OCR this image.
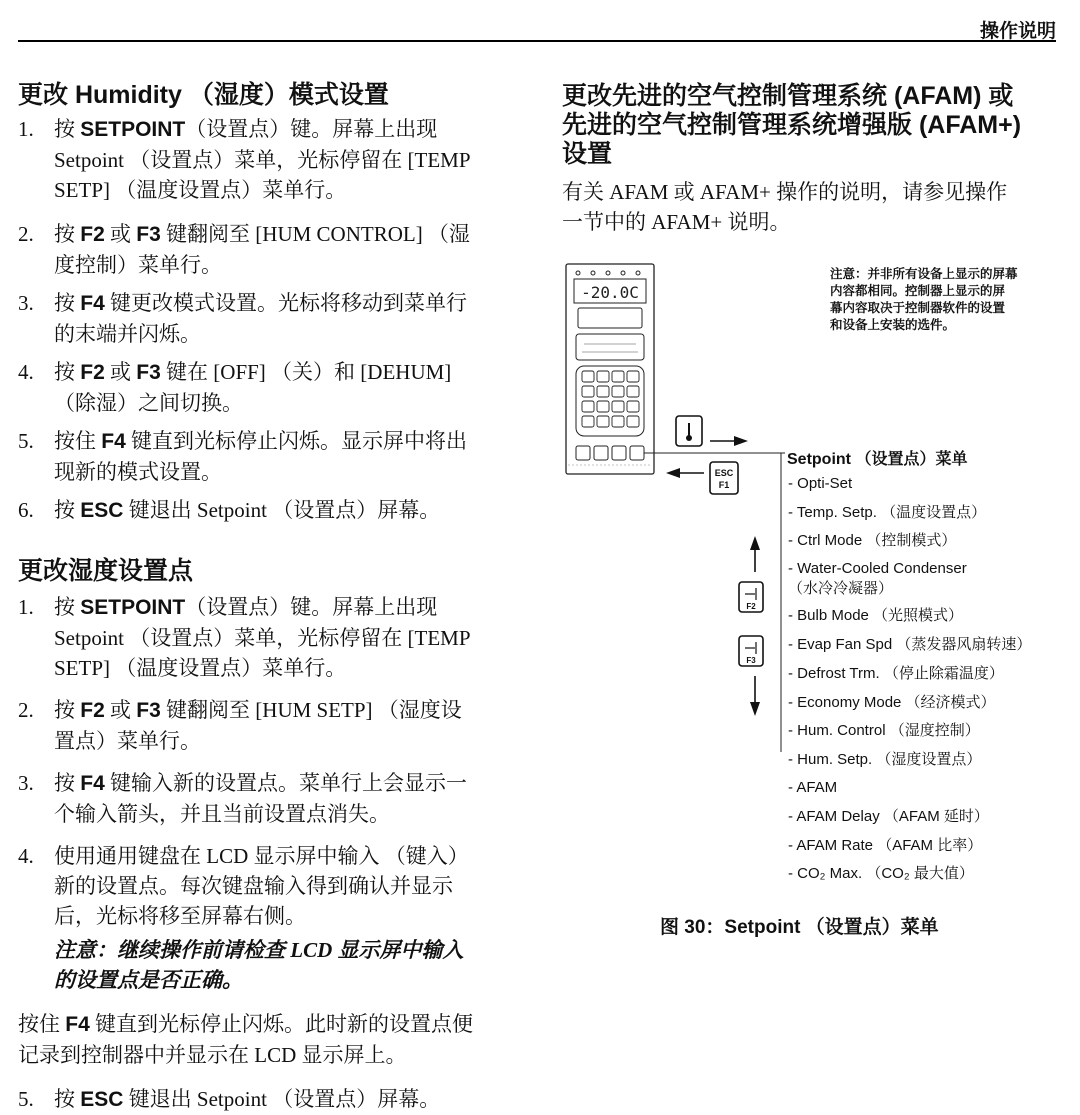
操作说明
更改 Humidity （湿度）模式设置
1. 按 SETPOINT（设置点）键。屏幕上出现
Setpoint （设置点）菜单，光标停留在 [TEMP
SETP] （温度设置点）菜单行。
2. 按 F2 或 F3 键翻阅至 [HUM CONTROL] （湿
度控制）菜单行。
3. 按 F4 键更改模式设置。光标将移动到菜单行
的末端并闪烁。
4. 按 F2 或 F3 键在 [OFF] （关）和 [DEHUM]
（除湿）之间切换。
5. 按住 F4 键直到光标停止闪烁。显示屏中将出
现新的模式设置。
6. 按 ESC 键退出 Setpoint （设置点）屏幕。
更改湿度设置点
1. 按 SETPOINT（设置点）键。屏幕上出现
Setpoint （设置点）菜单，光标停留在 [TEMP
SETP] （温度设置点）菜单行。
2. 按 F2 或 F3 键翻阅至 [HUM SETP] （湿度设
置点）菜单行。
3. 按 F4 键输入新的设置点。菜单行上会显示一
个输入箭头，并且当前设置点消失。
4. 使用通用键盘在 LCD 显示屏中输入 （键入）
新的设置点。每次键盘输入得到确认并显示
后，光标将移至屏幕右侧。
注意：继续操作前请检查 LCD 显示屏中输入
的设置点是否正确。
按住 F4 键直到光标停止闪烁。此时新的设置点便
记录到控制器中并显示在 LCD 显示屏上。
5. 按 ESC 键退出 Setpoint （设置点）屏幕。
更改先进的空气控制管理系统 (AFAM) 或
先进的空气控制管理系统增强版 (AFAM+)
设置
有关 AFAM 或 AFAM+ 操作的说明，请参见操作
一节中的 AFAM+ 说明。
注意：并非所有设备上显示的屏幕
内容都相同。控制器上显示的屏
幕内容取决于控制器软件的设置
和设备上安装的选件。
-20.0C
ESC
F1
F2
F3
Setpoint （设置点）菜单
- Opti-Set
- Temp. Setp. （温度设置点）
- Ctrl Mode （控制模式）
- Water-Cooled Condenser
（水冷冷凝器）
- Bulb Mode （光照模式）
- Evap Fan Spd （蒸发器风扇转速）
- Defrost Trm. （停止除霜温度）
- Economy Mode （经济模式）
- Hum. Control （湿度控制）
- Hum. Setp. （湿度设置点）
- AFAM
- AFAM Delay （AFAM 延时）
- AFAM Rate （AFAM 比率）
- CO₂ Max. （CO₂ 最大值）
图 30：Setpoint （设置点）菜单
